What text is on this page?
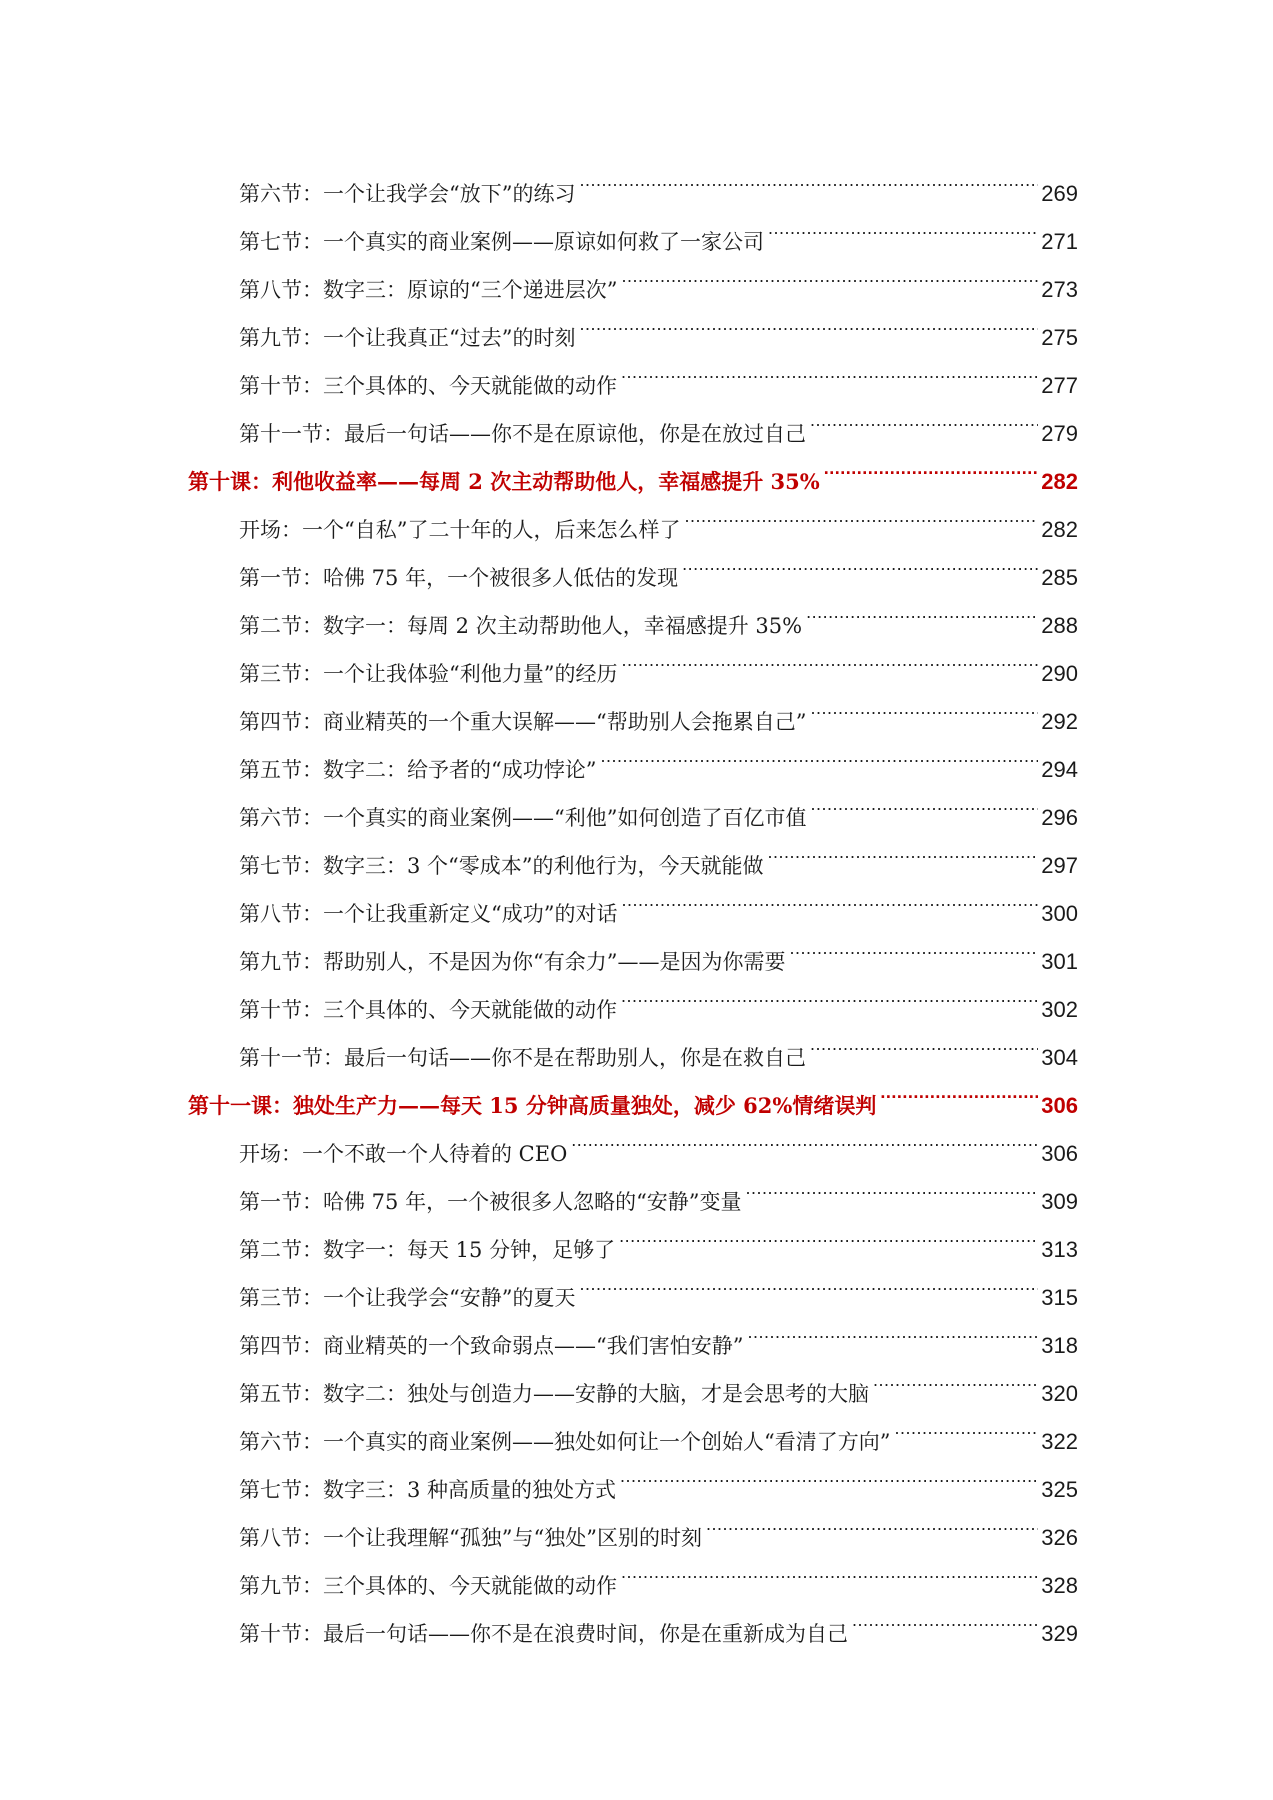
第六节：一个让我学会“放下”的练习 .....	269
第七节：一个真实的商业案例——原谅如何救了一家公司 .....	271
第八节：数字三：原谅的“三个递进层次” .....	273
第九节：一个让我真正“过去”的时刻 .....	275
第十节：三个具体的、今天就能做的动作 .....	277
第十一节：最后一句话——你不是在原谅他，你是在放过自己 .....	279
第十课：利他收益率——每周 2 次主动帮助他人，幸福感提升 35% .....	282
开场：一个“自私”了二十年的人，后来怎么样了 .....	282
第一节：哈佛 75 年，一个被很多人低估的发现 .....	285
第二节：数字一：每周 2 次主动帮助他人，幸福感提升 35% .....	288
第三节：一个让我体验“利他力量”的经历 .....	290
第四节：商业精英的一个重大误解——“帮助别人会拖累自己” .....	292
第五节：数字二：给予者的“成功悖论” .....	294
第六节：一个真实的商业案例——“利他”如何创造了百亿市值 .....	296
第七节：数字三：3 个“零成本”的利他行为，今天就能做 .....	297
第八节：一个让我重新定义“成功”的对话 .....	300
第九节：帮助别人，不是因为你“有余力”——是因为你需要 .....	301
第十节：三个具体的、今天就能做的动作 .....	302
第十一节：最后一句话——你不是在帮助别人，你是在救自己 .....	304
第十一课：独处生产力——每天 15 分钟高质量独处，减少 62%情绪误判 .....	306
开场：一个不敢一个人待着的 CEO .....	306
第一节：哈佛 75 年，一个被很多人忽略的“安静”变量 .....	309
第二节：数字一：每天 15 分钟，足够了 .....	313
第三节：一个让我学会“安静”的夏天 .....	315
第四节：商业精英的一个致命弱点——“我们害怕安静” .....	318
第五节：数字二：独处与创造力——安静的大脑，才是会思考的大脑 .....	320
第六节：一个真实的商业案例——独处如何让一个创始人“看清了方向” .....	322
第七节：数字三：3 种高质量的独处方式 .....	325
第八节：一个让我理解“孤独”与“独处”区别的时刻 .....	326
第九节：三个具体的、今天就能做的动作 .....	328
第十节：最后一句话——你不是在浪费时间，你是在重新成为自己 .....	329
